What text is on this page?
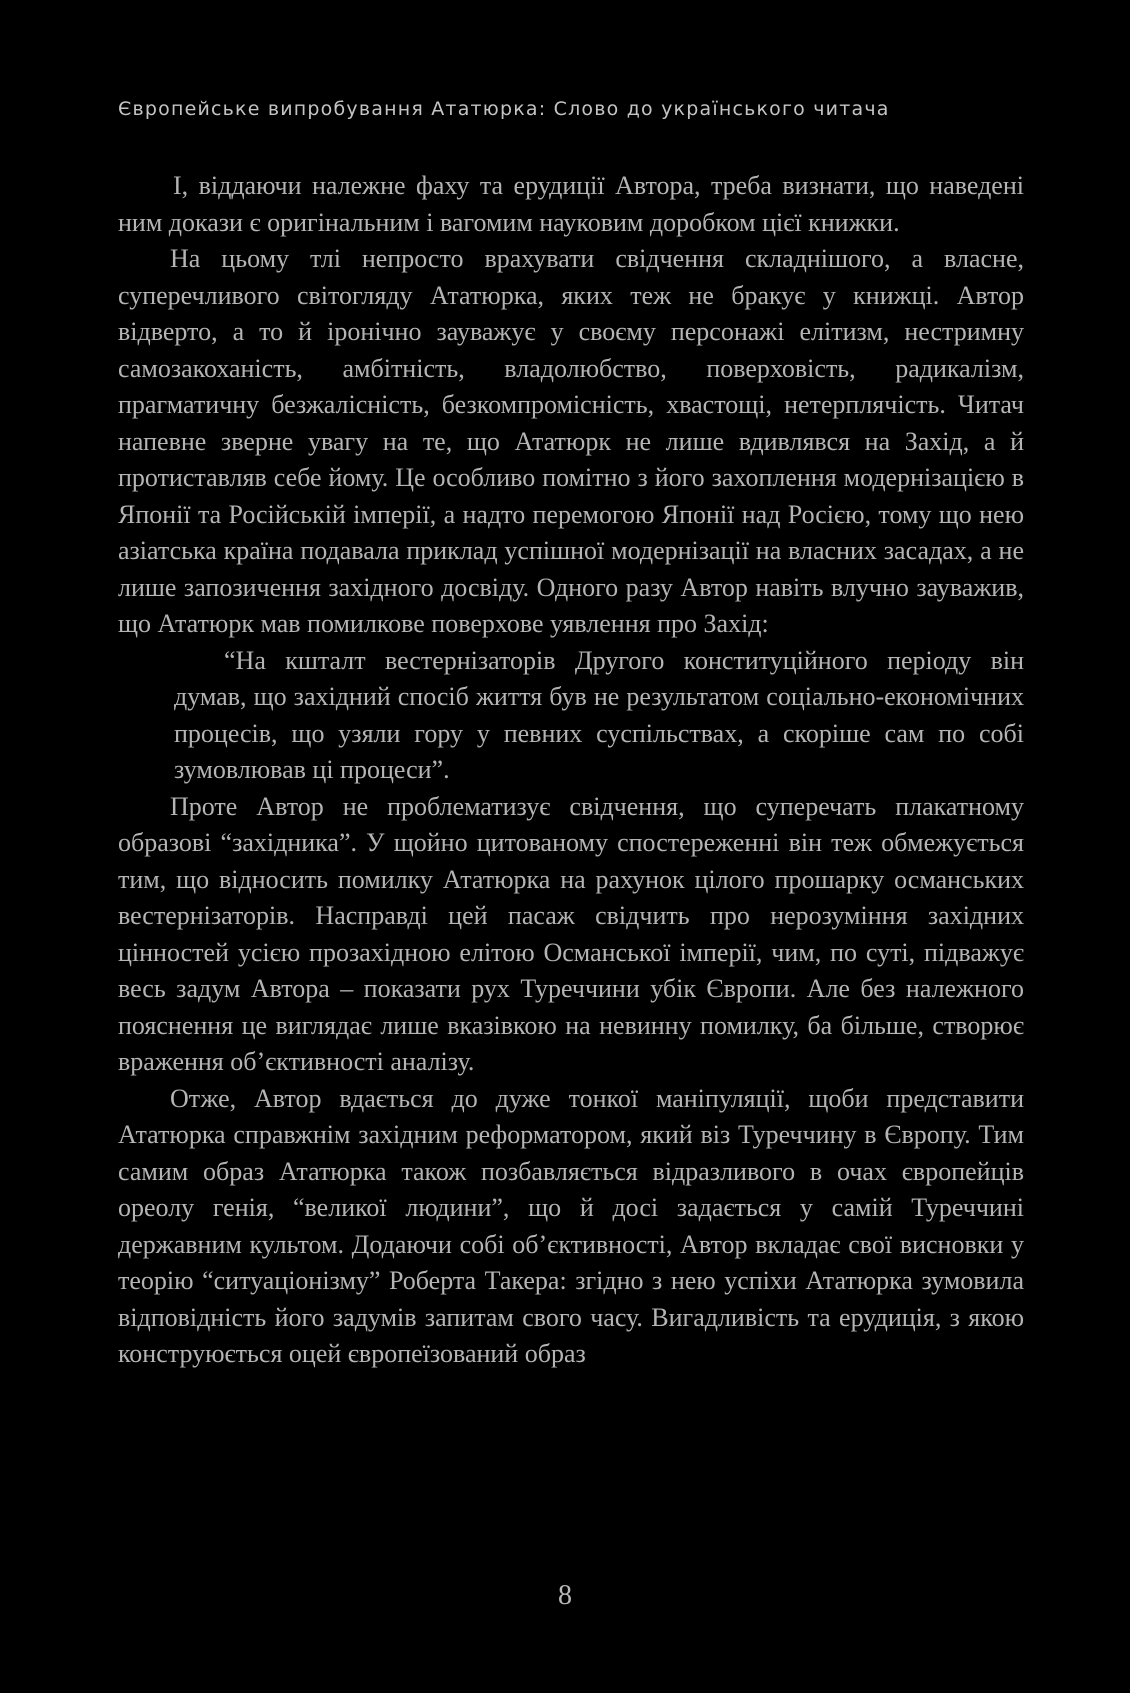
Європейське випробування Ататюрка: Слово до українського читача

І, віддаючи належне фаху та ерудиції Автора, треба визнати, що наведені ним докази є оригінальним і вагомим науковим доробком цієї книжки.

На цьому тлі непросто врахувати свідчення складнішого, а власне, суперечливого світогляду Ататюрка, яких теж не бракує у книжці. Автор відверто, а то й іронічно зауважує у своєму персонажі елітизм, нестримну самозакоханість, амбітність, владолюбство, поверховість, радикалізм, прагматичну безжалісність, безкомпромісність, хвастощі, нетерплячість. Читач напевне зверне увагу на те, що Ататюрк не лише вдивлявся на Захід, а й протиставляв себе йому. Це особливо помітно з його захоплення модернізацією в Японії та Російській імперії, а надто перемогою Японії над Росією, тому що нею азіатська країна подавала приклад успішної модернізації на власних засадах, а не лише запозичення західного досвіду. Одного разу Автор навіть влучно зауважив, що Ататюрк мав помилкове поверхове уявлення про Захід:

“На кшталт вестернізаторів Другого конституційного періоду він думав, що західний спосіб життя був не результатом соціально-економічних процесів, що узяли гору у певних суспільствах, а скоріше сам по собі зумовлював ці процеси”.

Проте Автор не проблематизує свідчення, що суперечать плакатному образові “західника”. У щойно цитованому спостереженні він теж обмежується тим, що відносить помилку Ататюрка на рахунок цілого прошарку османських вестернізаторів. Насправді цей пасаж свідчить про нерозуміння західних цінностей усією прозахідною елітою Османської імперії, чим, по суті, підважує весь задум Автора – показати рух Туреччини убік Європи. Але без належного пояснення це виглядає лише вказівкою на невинну помилку, ба більше, створює враження об’єктивності аналізу.

Отже, Автор вдається до дуже тонкої маніпуляції, щоби представити Ататюрка справжнім західним реформатором, який віз Туреччину в Європу. Тим самим образ Ататюрка також позбавляється відразливого в очах європейців ореолу генія, “великої людини”, що й досі задається у самій Туреччині державним культом. Додаючи собі об’єктивності, Автор вкладає свої висновки у теорію “ситуаціонізму” Роберта Такера: згідно з нею успіхи Ататюрка зумовила відповідність його задумів запитам свого часу. Вигадливість та ерудиція, з якою конструюється оцей європеїзований образ

8
